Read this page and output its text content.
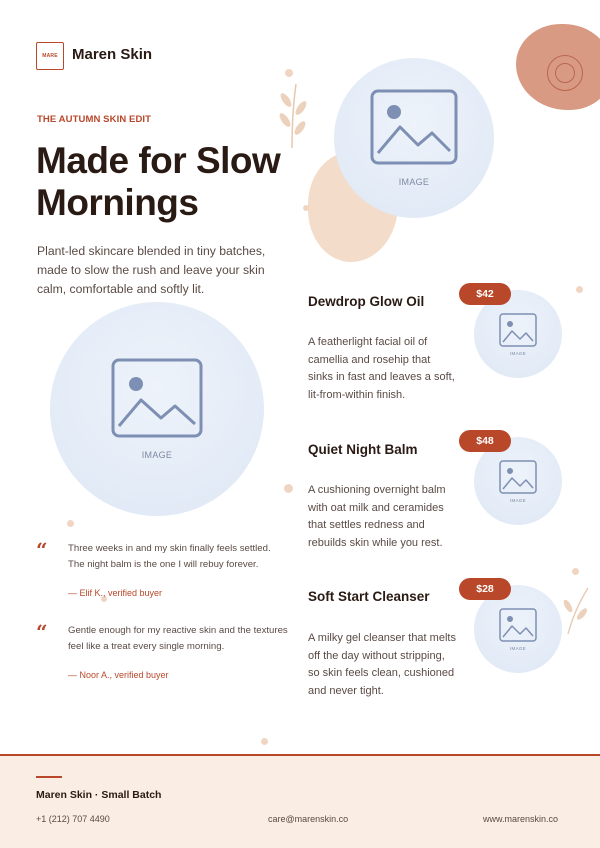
MARE Maren Skin
THE AUTUMN SKIN EDIT
Made for Slow Mornings
Plant-led skincare blended in tiny batches, made to slow the rush and leave your skin calm, comfortable and softly lit.
IMAGE
IMAGE
“ Three weeks in and my skin finally feels settled. The night balm is the one I will rebuy forever.
— Elif K., verified buyer
“ Gentle enough for my reactive skin and the textures feel like a treat every single morning.
— Noor A., verified buyer
Dewdrop Glow Oil
A featherlight facial oil of camellia and rosehip that sinks in fast and leaves a soft, lit-from-within finish.
IMAGE
$42
Quiet Night Balm
A cushioning overnight balm with oat milk and ceramides that settles redness and rebuilds skin while you rest.
IMAGE
$48
Soft Start Cleanser
A milky gel cleanser that melts off the day without stripping, so skin feels clean, cushioned and never tight.
IMAGE
$28
Maren Skin · Small Batch
+1 (212) 707 4490	care@marenskin.co	www.marenskin.co
